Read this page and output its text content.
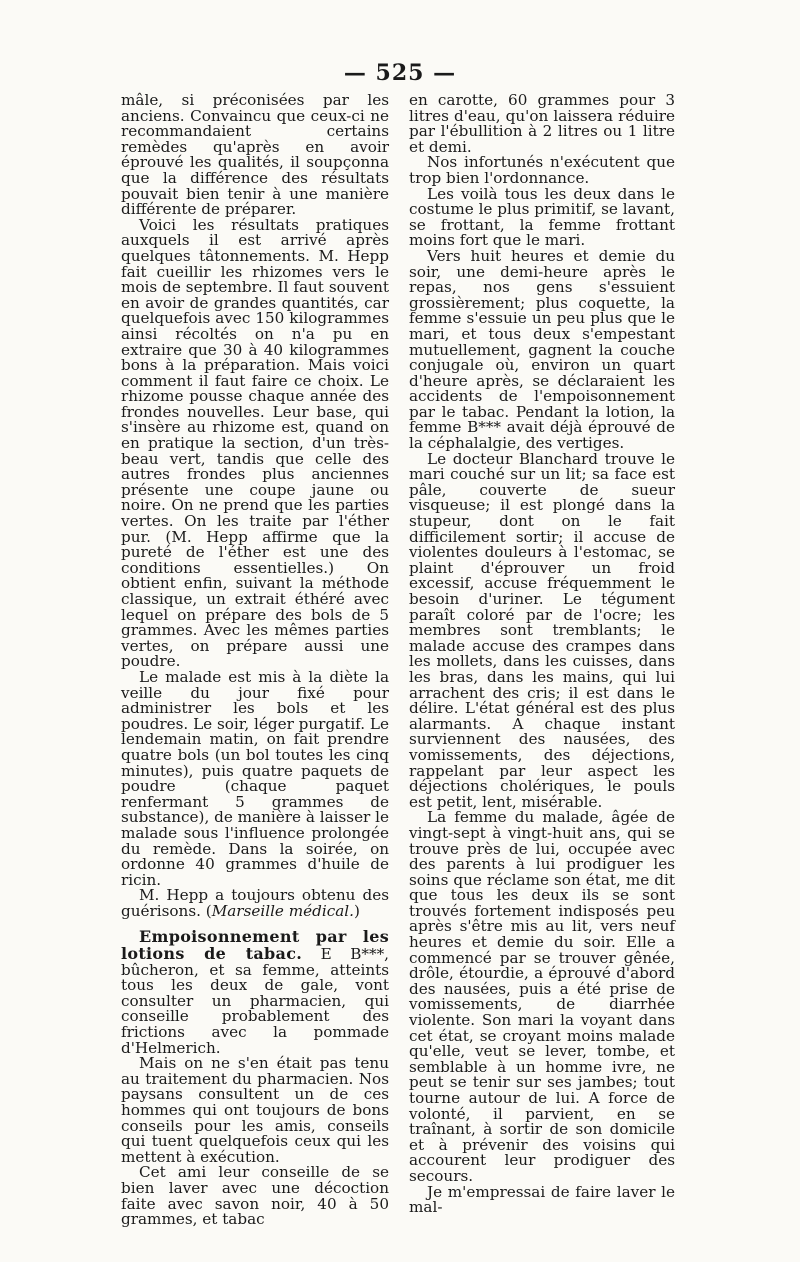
— 525 —

mâle, si préconisées par les anciens. Convaincu que ceux-ci ne recommandaient certains remèdes qu'après en avoir éprouvé les qualités, il soupçonna que la différence des résultats pouvait bien tenir à une manière différente de préparer.

Voici les résultats pratiques auxquels il est arrivé après quelques tâtonnements. M. Hepp fait cueillir les rhizomes vers le mois de septembre. Il faut souvent en avoir de grandes quantités, car quelquefois avec 150 kilogrammes ainsi récoltés on n'a pu en extraire que 30 à 40 kilogrammes bons à la préparation. Mais voici comment il faut faire ce choix. Le rhizome pousse chaque année des frondes nouvelles. Leur base, qui s'insère au rhizome est, quand on en pratique la section, d'un très-beau vert, tandis que celle des autres frondes plus anciennes présente une coupe jaune ou noire. On ne prend que les parties vertes. On les traite par l'éther pur. (M. Hepp affirme que la pureté de l'éther est une des conditions essentielles.) On obtient enfin, suivant la méthode classique, un extrait éthéré avec lequel on prépare des bols de 5 grammes. Avec les mêmes parties vertes, on prépare aussi une poudre.

Le malade est mis à la diète la veille du jour fixé pour administrer les bols et les poudres. Le soir, léger purgatif. Le lendemain matin, on fait prendre quatre bols (un bol toutes les cinq minutes), puis quatre paquets de poudre (chaque paquet renfermant 5 grammes de substance), de manière à laisser le malade sous l'influence prolongée du remède. Dans la soirée, on ordonne 40 grammes d'huile de ricin.

M. Hepp a toujours obtenu des guérisons. (Marseille médical.)

Empoisonnement par les lotions de tabac. E B***, bûcheron, et sa femme, atteints tous les deux de gale, vont consulter un pharmacien, qui conseille probablement des frictions avec la pommade d'Helmerich.

Mais on ne s'en était pas tenu au traitement du pharmacien. Nos paysans consultent un de ces hommes qui ont toujours de bons conseils pour les amis, conseils qui tuent quelquefois ceux qui les mettent à exécution.

Cet ami leur conseille de se bien laver avec une décoction faite avec savon noir, 40 à 50 grammes, et tabac

en carotte, 60 grammes pour 3 litres d'eau, qu'on laissera réduire par l'ébullition à 2 litres ou 1 litre et demi.

Nos infortunés n'exécutent que trop bien l'ordonnance.

Les voilà tous les deux dans le costume le plus primitif, se lavant, se frottant, la femme frottant moins fort que le mari.

Vers huit heures et demie du soir, une demi-heure après le repas, nos gens s'essuient grossièrement; plus coquette, la femme s'essuie un peu plus que le mari, et tous deux s'empestant mutuellement, gagnent la couche conjugale où, environ un quart d'heure après, se déclaraient les accidents de l'empoisonnement par le tabac. Pendant la lotion, la femme B*** avait déjà éprouvé de la céphalalgie, des vertiges.

Le docteur Blanchard trouve le mari couché sur un lit; sa face est pâle, couverte de sueur visqueuse; il est plongé dans la stupeur, dont on le fait difficilement sortir; il accuse de violentes douleurs à l'estomac, se plaint d'éprouver un froid excessif, accuse fréquemment le besoin d'uriner. Le tégument paraît coloré par de l'ocre; les membres sont tremblants; le malade accuse des crampes dans les mollets, dans les cuisses, dans les bras, dans les mains, qui lui arrachent des cris; il est dans le délire. L'état général est des plus alarmants. A chaque instant surviennent des nausées, des vomissements, des déjections, rappelant par leur aspect les déjections cholériques, le pouls est petit, lent, misérable.

La femme du malade, âgée de vingt-sept à vingt-huit ans, qui se trouve près de lui, occupée avec des parents à lui prodiguer les soins que réclame son état, me dit que tous les deux ils se sont trouvés fortement indisposés peu après s'être mis au lit, vers neuf heures et demie du soir. Elle a commencé par se trouver gênée, drôle, étourdie, a éprouvé d'abord des nausées, puis a été prise de vomissements, de diarrhée violente. Son mari la voyant dans cet état, se croyant moins malade qu'elle, veut se lever, tombe, et semblable à un homme ivre, ne peut se tenir sur ses jambes; tout tourne autour de lui. A force de volonté, il parvient, en se traînant, à sortir de son domicile et à prévenir des voisins qui accourent leur prodiguer des secours.

Je m'empressai de faire laver le mal-
